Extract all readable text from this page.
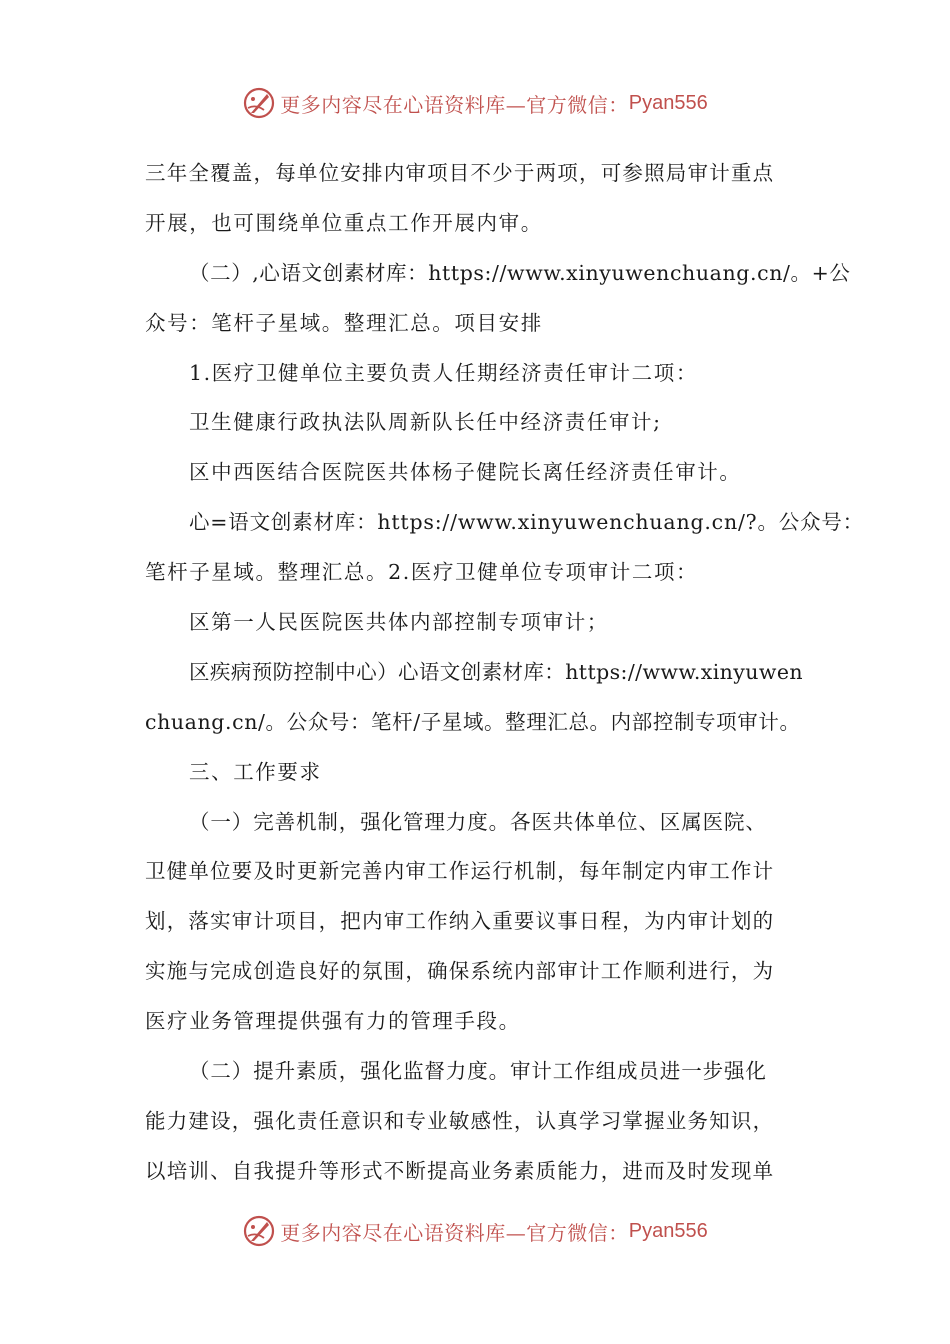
更多内容尽在心语资料库—官方微信： Pyan556
三年全覆盖，每单位安排内审项目不少于两项，可参照局审计重点
开展，也可围绕单位重点工作开展内审。
（二）,心语文创素材库：https://www.xinyuwenchuang.cn/。+公
众号：笔杆子星域。整理汇总。项目安排
1.医疗卫健单位主要负责人任期经济责任审计二项：
卫生健康行政执法队周新队长任中经济责任审计;
区中西医结合医院医共体杨子健院长离任经济责任审计。
心=语文创素材库：https://www.xinyuwenchuang.cn/?。公众号：
笔杆子星域。整理汇总。2.医疗卫健单位专项审计二项：
区第一人民医院医共体内部控制专项审计；
区疾病预防控制中心）心语文创素材库：https://www.xinyuwen
chuang.cn/。公众号：笔杆/子星域。整理汇总。内部控制专项审计。
三、工作要求
（一）完善机制，强化管理力度。各医共体单位、区属医院、
卫健单位要及时更新完善内审工作运行机制，每年制定内审工作计
划，落实审计项目，把内审工作纳入重要议事日程，为内审计划的
实施与完成创造良好的氛围，确保系统内部审计工作顺利进行，为
医疗业务管理提供强有力的管理手段。
（二）提升素质，强化监督力度。审计工作组成员进一步强化
能力建设，强化责任意识和专业敏感性，认真学习掌握业务知识，
以培训、自我提升等形式不断提高业务素质能力，进而及时发现单
更多内容尽在心语资料库—官方微信： Pyan556
